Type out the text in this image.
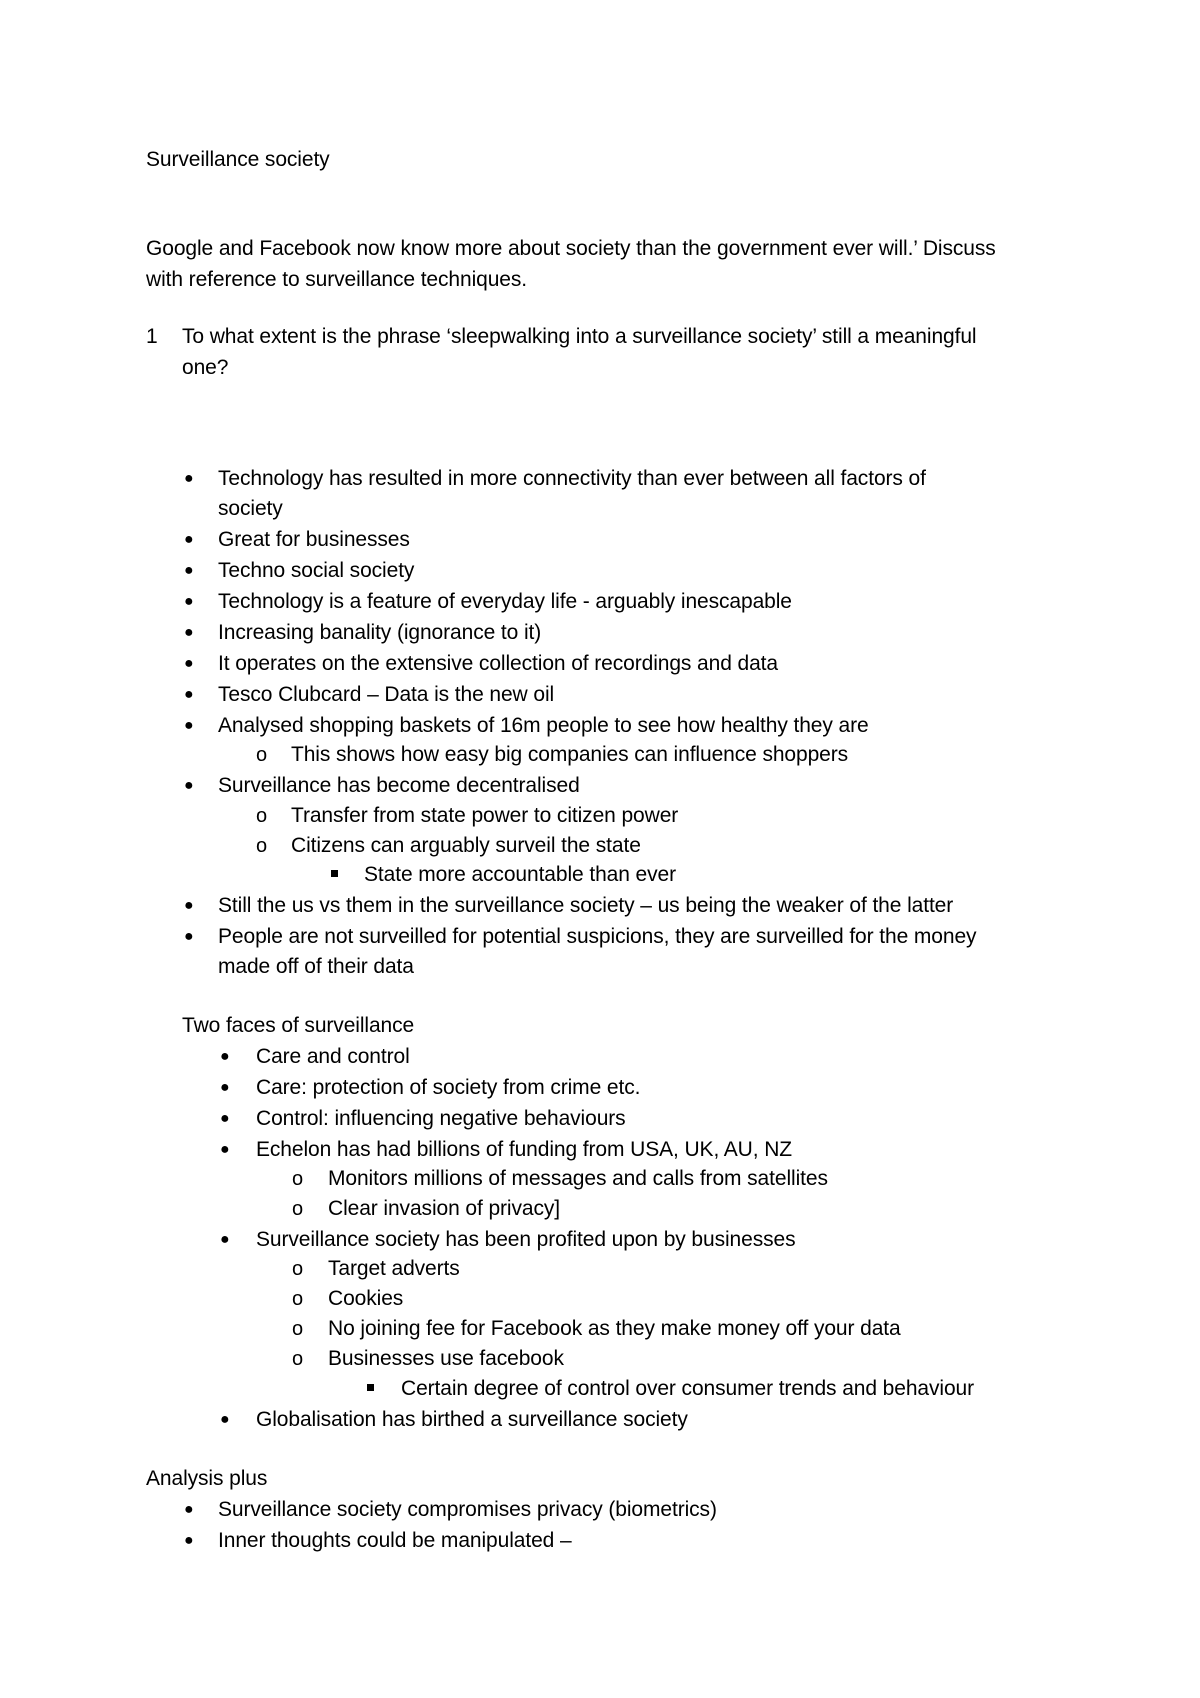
Surveillance society
Google and Facebook now know more about society than the government ever will.’ Discuss
with reference to surveillance techniques.
1 To what extent is the phrase ‘sleepwalking into a surveillance society’ still a meaningful
one?
● Technology has resulted in more connectivity than ever between all factors of
society
● Great for businesses
● Techno social society
● Technology is a feature of everyday life - arguably inescapable
● Increasing banality (ignorance to it)
● It operates on the extensive collection of recordings and data
● Tesco Clubcard – Data is the new oil
● Analysed shopping baskets of 16m people to see how healthy they are
o This shows how easy big companies can influence shoppers
● Surveillance has become decentralised
o Transfer from state power to citizen power
o Citizens can arguably surveil the state
State more accountable than ever
● Still the us vs them in the surveillance society – us being the weaker of the latter
● People are not surveilled for potential suspicions, they are surveilled for the money
made off of their data
Two faces of surveillance
● Care and control
● Care: protection of society from crime etc.
● Control: influencing negative behaviours
● Echelon has had billions of funding from USA, UK, AU, NZ
o Monitors millions of messages and calls from satellites
o Clear invasion of privacy]
● Surveillance society has been profited upon by businesses
o Target adverts
o Cookies
o No joining fee for Facebook as they make money off your data
o Businesses use facebook
Certain degree of control over consumer trends and behaviour
● Globalisation has birthed a surveillance society
Analysis plus
● Surveillance society compromises privacy (biometrics)
● Inner thoughts could be manipulated –
